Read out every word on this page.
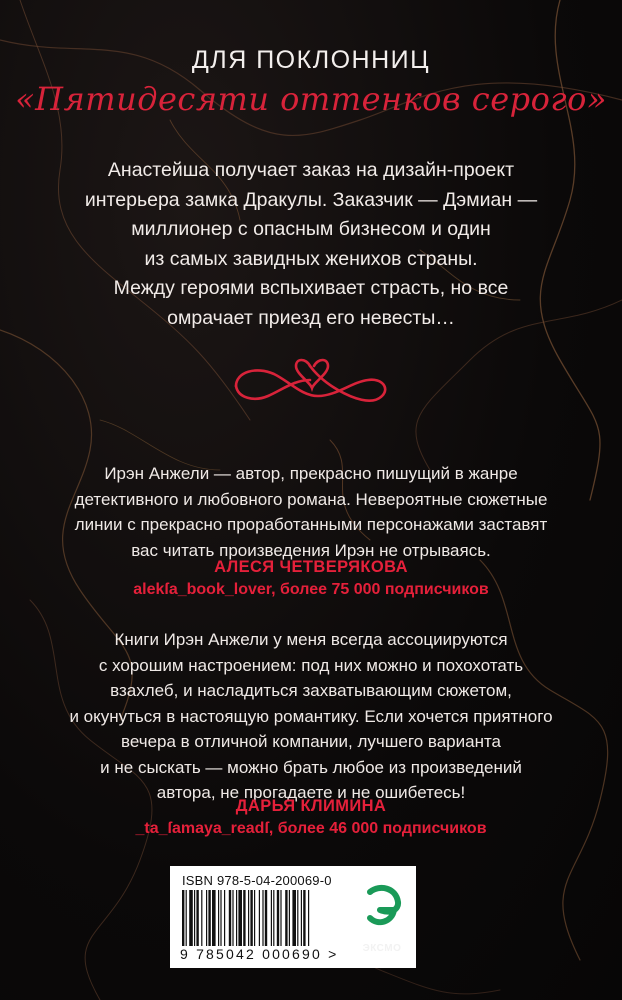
ДЛЯ ПОКЛОННИЦ
«Пятидесяти оттенков серого»
Анастейша получает заказ на дизайн-проект
интерьера замка Дракулы. Заказчик — Дэмиан —
миллионер с опасным бизнесом и один
из самых завидных женихов страны.
Между героями вспыхивает страсть, но все
омрачает приезд его невесты…
Ирэн Анжели — автор, прекрасно пишущий в жанре
детективного и любовного романа. Невероятные сюжетные
линии с прекрасно проработанными персонажами заставят
вас читать произведения Ирэн не отрываясь.
АЛЕСЯ ЧЕТВЕРЯКОВА
alekſa_book_lover, более 75 000 подписчиков
Книги Ирэн Анжели у меня всегда ассоциируются
с хорошим настроением: под них можно и похохотать
взахлеб, и насладиться захватывающим сюжетом,
и окунуться в настоящую романтику. Если хочется приятного
вечера в отличной компании, лучшего варианта
и не сыскать — можно брать любое из произведений
автора, не прогадаете и не ошибетесь!
ДАРЬЯ КЛИМИНА
_ta_ſamaya_readſ, более 46 000 подписчиков
ISBN 978-5-04-200069-0
9 785042 000690 >	ЭКСМО
